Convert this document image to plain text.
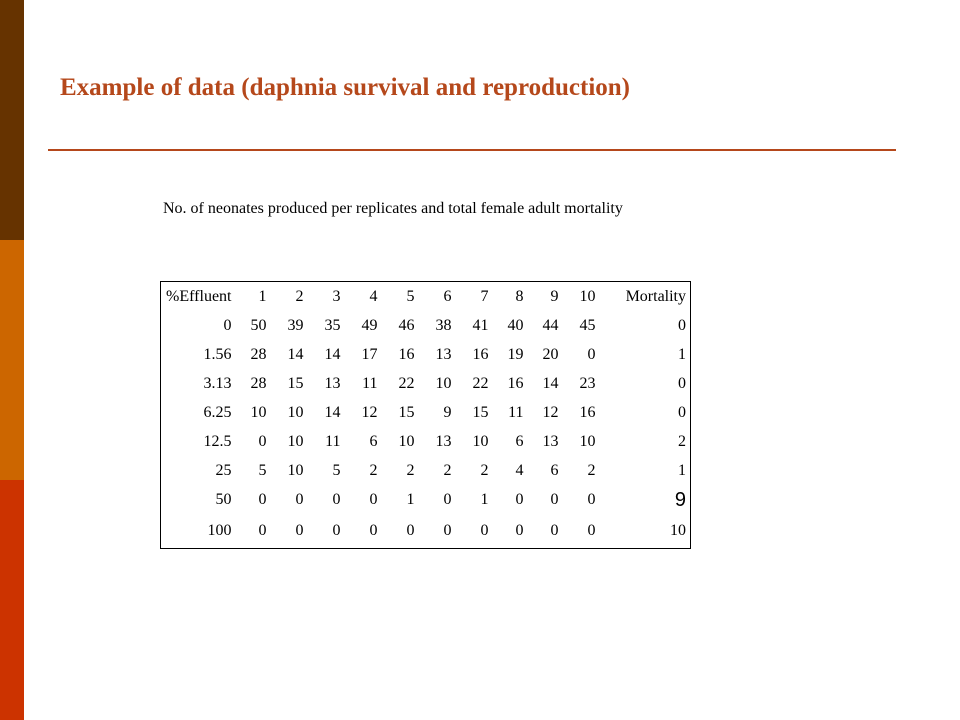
Example of data (daphnia survival and reproduction)
No. of neonates produced per replicates and total female adult mortality
%Effluent	1	2	3	4	5	6	7	8	9	10	Mortality
0	50	39	35	49	46	38	41	40	44	45	0
1.56	28	14	14	17	16	13	16	19	20	0	1
3.13	28	15	13	11	22	10	22	16	14	23	0
6.25	10	10	14	12	15	9	15	11	12	16	0
12.5	0	10	11	6	10	13	10	6	13	10	2
25	5	10	5	2	2	2	2	4	6	2	1
50	0	0	0	0	1	0	1	0	0	0	9
100	0	0	0	0	0	0	0	0	0	0	10
